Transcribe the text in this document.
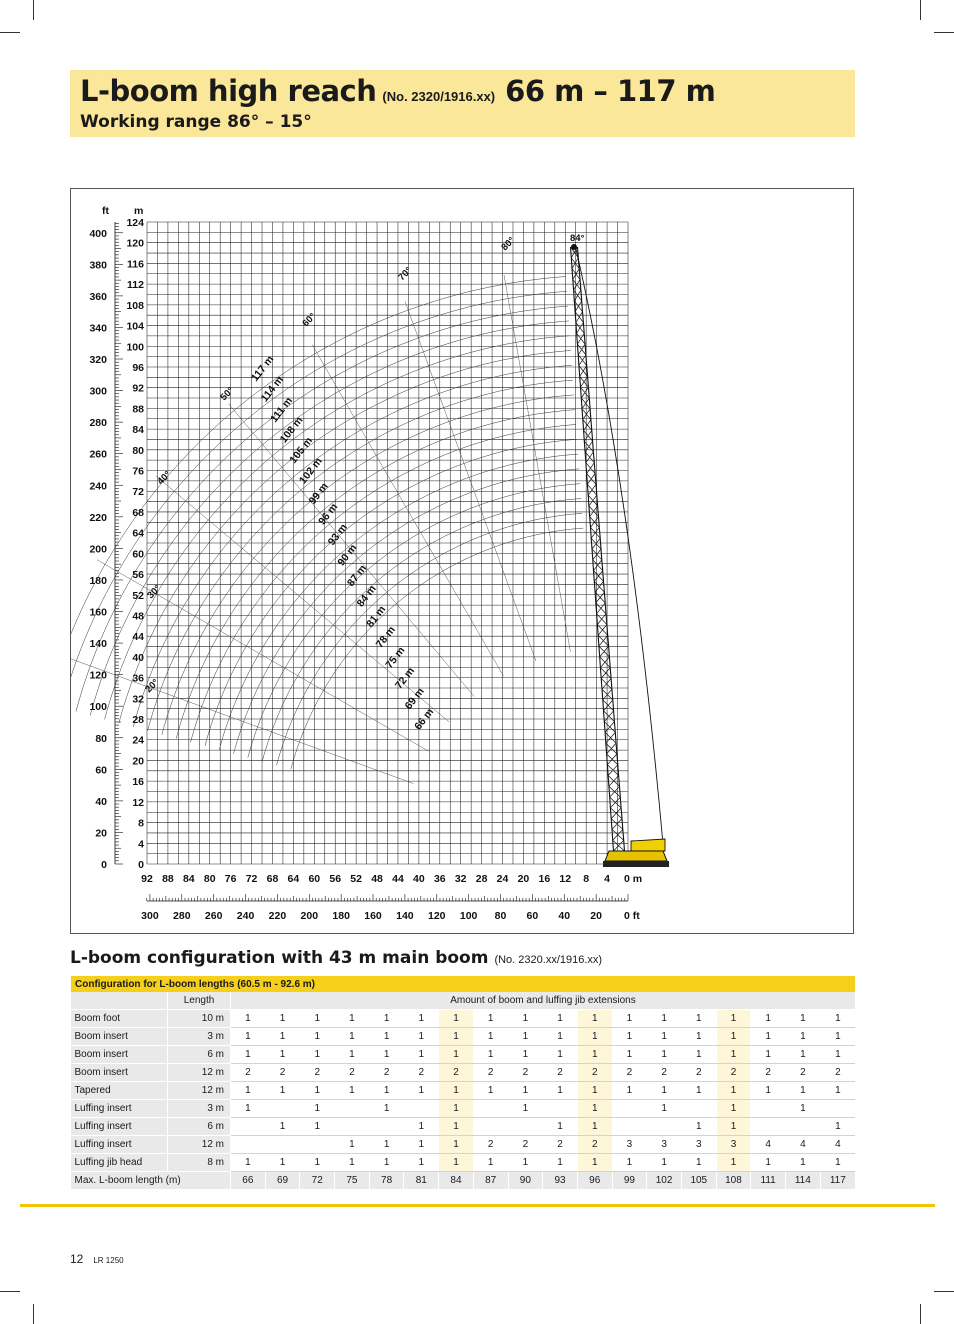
L-boom high reach (No. 2320/1916.xx) 66 m – 117 m
Working range 86° – 15°
ft m
124
120
116
112
108
104
100
96
92
88
84
80
76
72
68
64
60
56
52
48
44
40
36
32
28
24
20
16
12
8
4
0
400
380
360
340
320
300
280
260
240
220
200
180
160
140
120
100
80
60
40
20
0
92 88 84 80 76 72 68 64 60 56 52 48 44 40 36 32 28 24 20 16 12 8 4 0 m
300 280 260 240 220 200 180 160 140 120 100 80 60 40 20 0 ft
117 m
114 m
111 m
108 m
105 m
102 m
99 m
96 m
93 m
90 m
87 m
84 m
81 m
78 m
75 m
72 m
69 m
66 m
80°
70°
60°
50°
40°
30°
20°
84°
L-boom configuration with 43 m main boom (No. 2320.xx/1916.xx)
Configuration for L-boom lengths (60.5 m - 92.6 m)																			
	Length	Amount of boom and luffing jib extensions																	
Boom foot	10 m	1	1	1	1	1	1	1	1	1	1	1	1	1	1	1	1	1	1
Boom insert	3 m	1	1	1	1	1	1	1	1	1	1	1	1	1	1	1	1	1	1
Boom insert	6 m	1	1	1	1	1	1	1	1	1	1	1	1	1	1	1	1	1	1
Boom insert	12 m	2	2	2	2	2	2	2	2	2	2	2	2	2	2	2	2	2	2
Tapered	12 m	1	1	1	1	1	1	1	1	1	1	1	1	1	1	1	1	1	1
Luffing insert	3 m	1		1		1		1		1		1		1		1		1	
Luffing insert	6 m		1	1			1	1			1	1			1	1			1
Luffing insert	12 m				1	1	1	1	2	2	2	2	3	3	3	3	4	4	4
Luffing jib head	8 m	1	1	1	1	1	1	1	1	1	1	1	1	1	1	1	1	1	1
Max. L-boom length (m)		66	69	72	75	78	81	84	87	90	93	96	99	102	105	108	111	114	117
12 LR 1250
